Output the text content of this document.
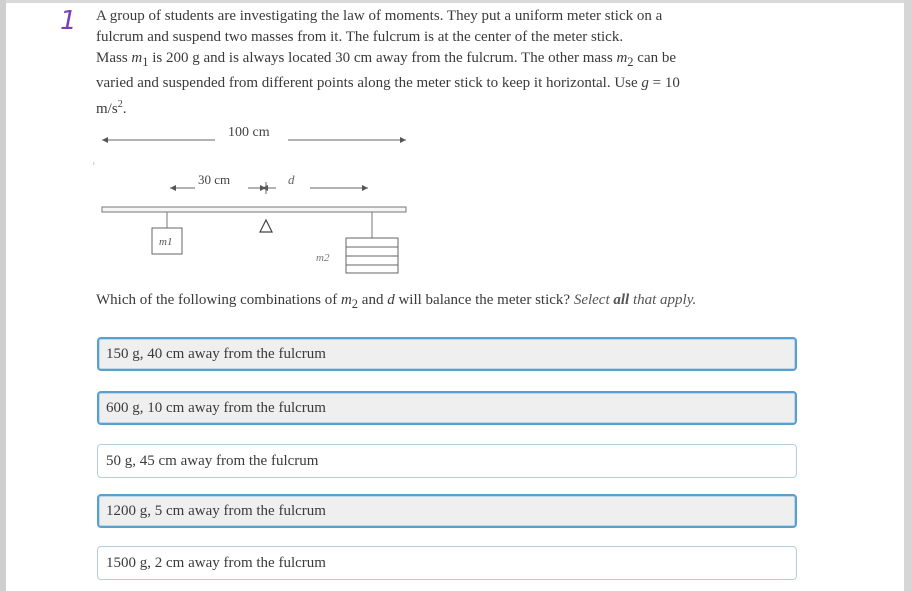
1 A group of students are investigating the law of moments. They put a uniform meter stick on a

fulcrum and suspend two masses from it. The fulcrum is at the center of the meter stick.

Mass $m_1$ is 200 g and is always located 30 cm away from the fulcrum. The other mass $m_2$ can be

varied and suspended from different points along the meter stick to keep it horizontal. Use g = 10

$m/s^2$.

100 cm
›
30 cm	d
m1
m2
Which of the following combinations of $m_2$ and d will balance the meter stick? Select all that apply.
150 g, 40 cm away from the fulcrum
600 g, 10 cm away from the fulcrum
50 g, 45 cm away from the fulcrum
1200 g, 5 cm away from the fulcrum
1500 g, 2 cm away from the fulcrum
